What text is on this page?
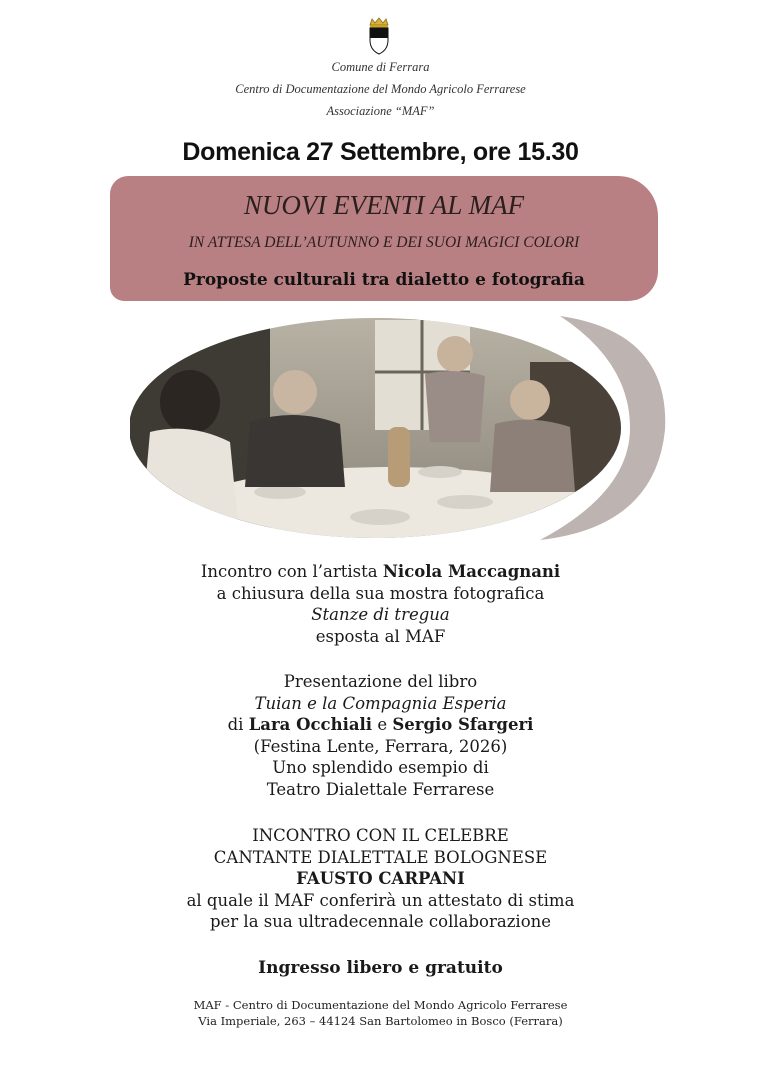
Comune di Ferrara
Centro di Documentazione del Mondo Agricolo Ferrarese
Associazione “MAF”
Domenica 27 Settembre, ore 15.30
NUOVI EVENTI AL MAF
IN ATTESA DELL’AUTUNNO E DEI SUOI MAGICI COLORI
Proposte culturali tra dialetto e fotografia
Incontro con l’artista Nicola Maccagnani
a chiusura della sua mostra fotografica
Stanze di tregua
esposta al MAF
Presentazione del libro
Tuian e la Compagnia Esperia
di Lara Occhiali e Sergio Sfargeri
(Festina Lente, Ferrara, 2026)
Uno splendido esempio di
Teatro Dialettale Ferrarese
INCONTRO CON IL CELEBRE
CANTANTE DIALETTALE BOLOGNESE
FAUSTO CARPANI
al quale il MAF conferirà un attestato di stima
per la sua ultradecennale collaborazione
Ingresso libero e gratuito
MAF - Centro di Documentazione del Mondo Agricolo Ferrarese
Via Imperiale, 263 – 44124 San Bartolomeo in Bosco (Ferrara)
